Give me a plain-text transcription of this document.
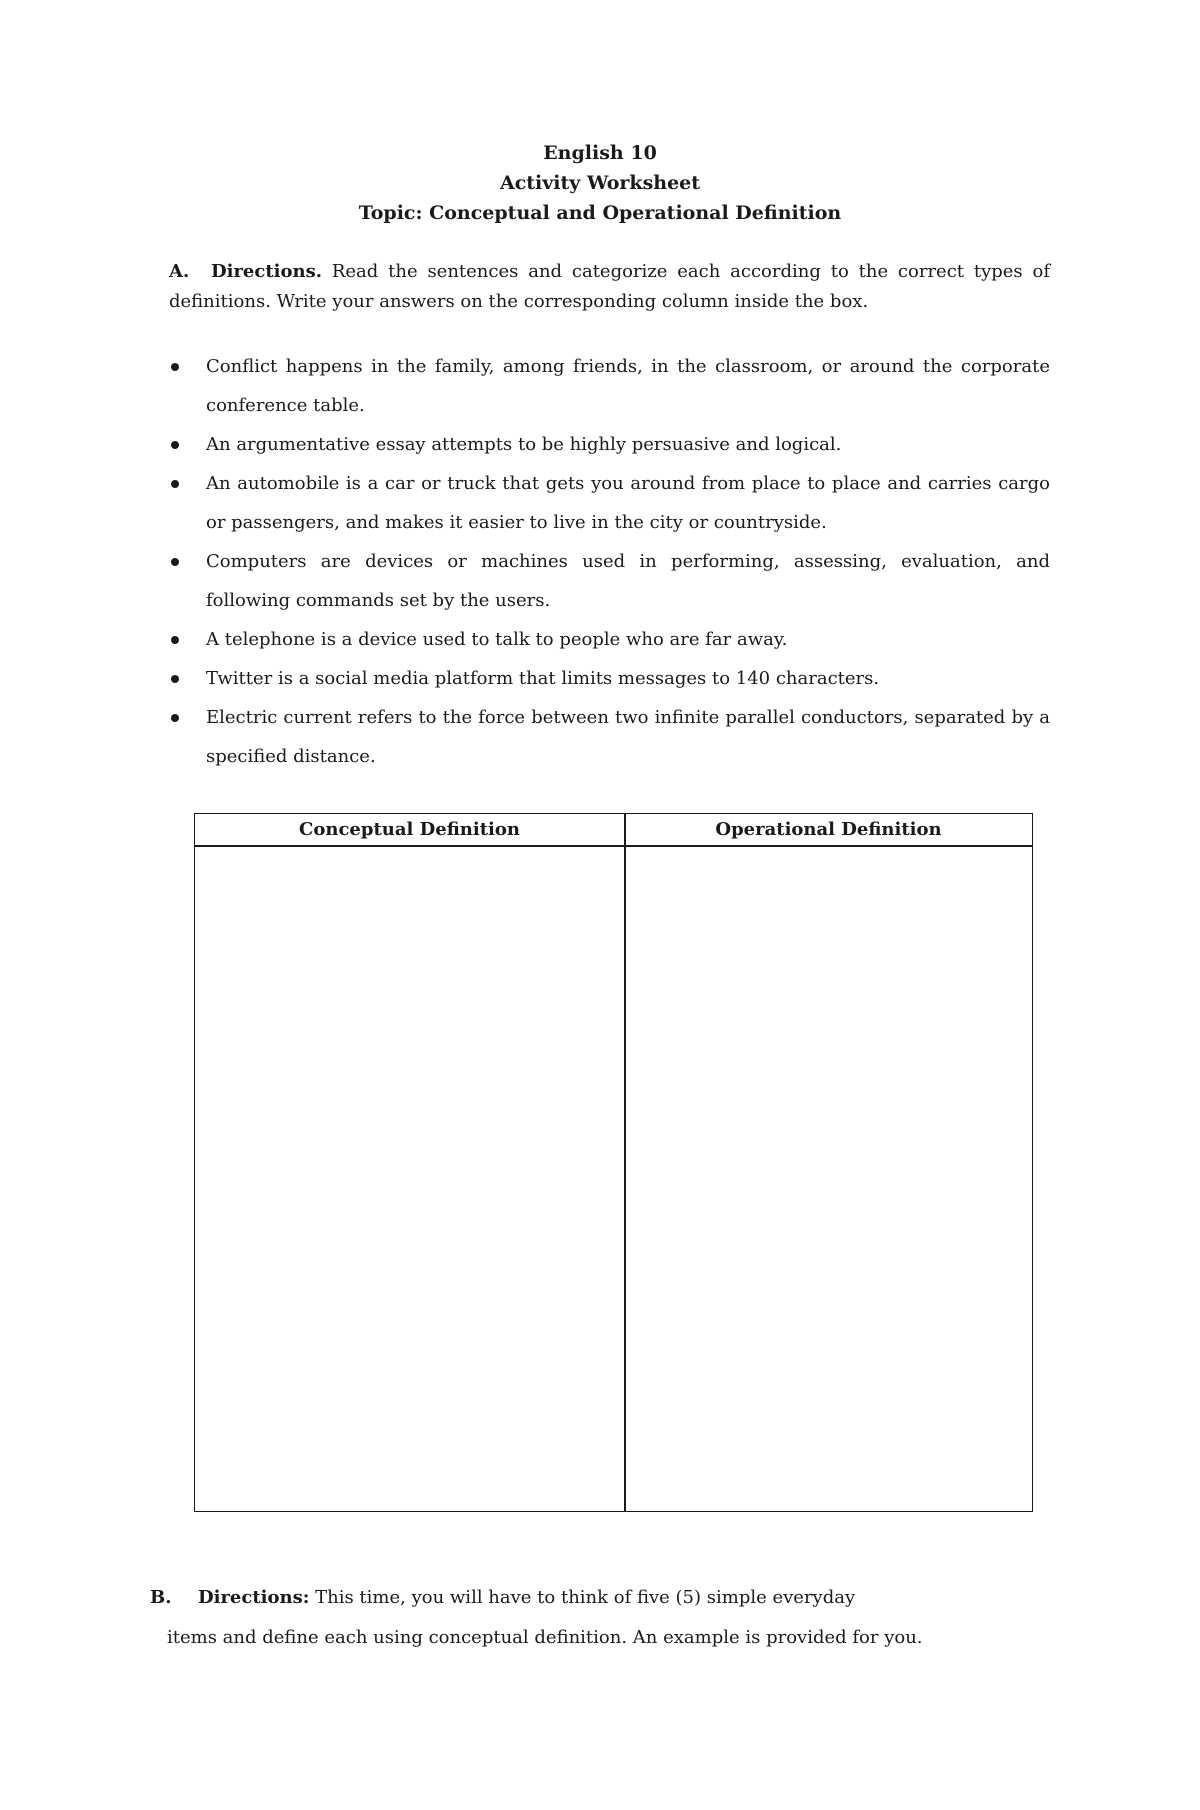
English 10
Activity Worksheet
Topic: Conceptual and Operational Definition
A. Directions. Read the sentences and categorize each according to the correct types of definitions. Write your answers on the corresponding column inside the box.
Conflict happens in the family, among friends, in the classroom, or around the corporate conference table.
An argumentative essay attempts to be highly persuasive and logical.
An automobile is a car or truck that gets you around from place to place and carries cargo or passengers, and makes it easier to live in the city or countryside.
Computers are devices or machines used in performing, assessing, evaluation, and following commands set by the users.
A telephone is a device used to talk to people who are far away.
Twitter is a social media platform that limits messages to 140 characters.
Electric current refers to the force between two infinite parallel conductors, separated by a specified distance.
Conceptual Definition	Operational Definition
B. Directions: This time, you will have to think of five (5) simple everyday
items and define each using conceptual definition. An example is provided for you.
